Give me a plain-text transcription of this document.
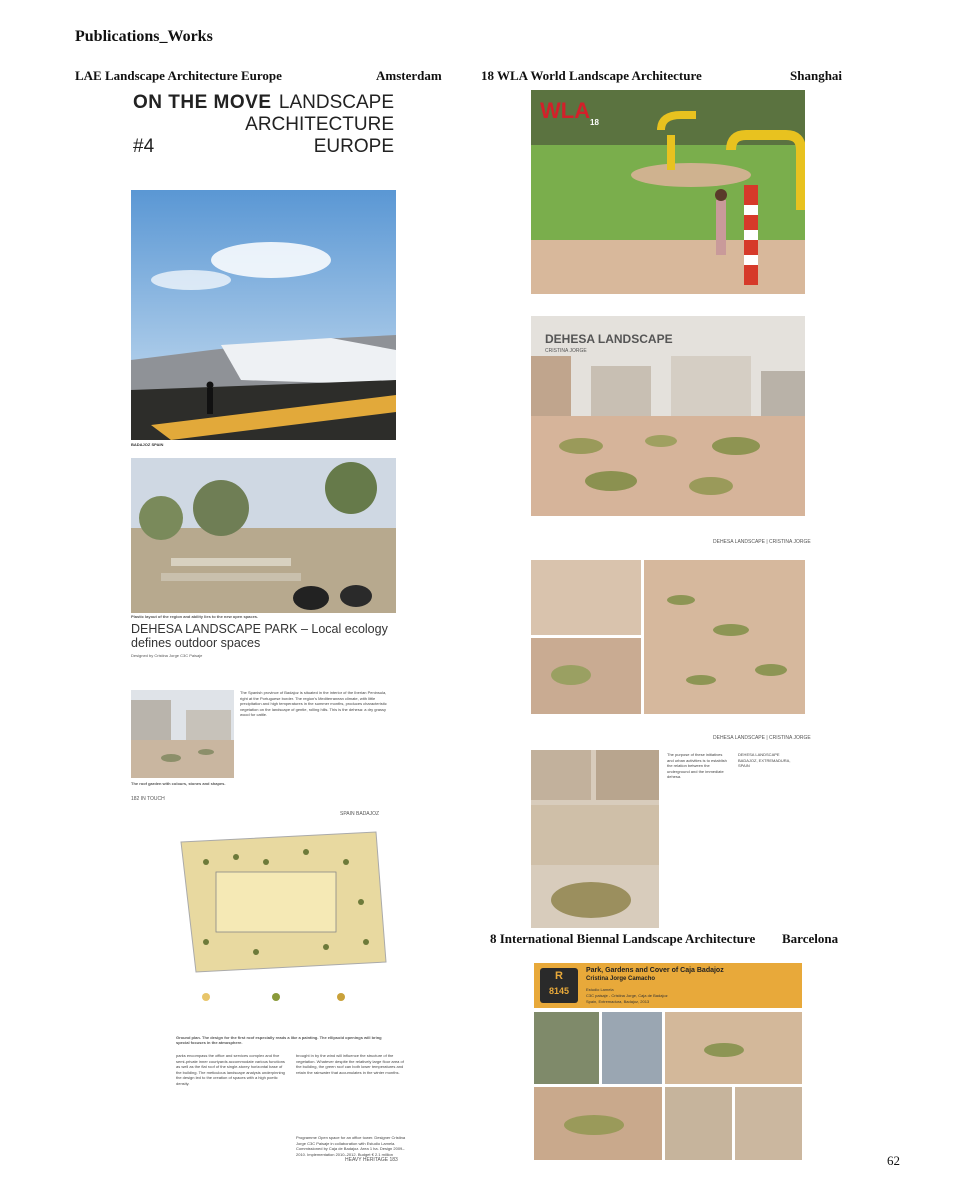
Publications_Works
LAE Landscape Architecture Europe	Amsterdam	18 WLA World Landscape Architecture	Shanghai
ON THE MOVE
#4
LANDSCAPE
ARCHITECTURE
EUROPE
BADAJOZ SPAIN
Plastic layout of the region and ability lies to the new open spaces.
DEHESA LANDSCAPE PARK – Local ecology
defines outdoor spaces
Designed by Cristina Jorge C3C Paisaje
The Spanish province of Badajoz is situated in the interior of the Iberian Peninsula, right at the Portuguese border. The region's Mediterranean climate, with little precipitation and high temperatures in the summer months, produces characteristic vegetation on the landscape of gentle, rolling hills. This is the dehesa: a dry grassy wood for cattle.
The roof garden with colours, stones and shapes.
182 IN TOUCH
SPAIN BADAJOZ
Ground plan. The design for the first roof especially reads a like a painting. The ellipsoid openings will bring special focuses in the atmosphere.
parks encompass the office and services complex and five semi-private inner courtyards accommodate various functions as well as the flat roof of the single-storey horizontal base of the building. The meticulous landscape analysis underpinning the design led to the creation of spaces with a high poetic density.
brought in by the wind will influence the structure of the vegetation. Whatever despite the relatively large floor area of the building, the green roof can both lower temperatures and retain the rainwater that accumulates in the winter months.
Programme Open space for an office tower. Designer Cristina Jorge C3C Paisaje in collaboration with Estudio Lamela. Commissioned by Caja de Badajoz. Area 1 ha. Design 2009–2010. Implementation 2010–2012. Budget € 2.1 million
HEAVY HERITAGE 183
WLA 18
DEHESA LANDSCAPE
CRISTINA JORGE
DEHESA LANDSCAPE | CRISTINA JORGE
DEHESA LANDSCAPE | CRISTINA JORGE
The purpose of these initiatives and urban activities is to establish the relation between the underground and the immediate dehesa.
DEHESA LANDSCAPE BADAJOZ, EXTREMADURA, SPAIN
8 International Biennal Landscape Architecture Barcelona
R
8145
Park, Gardens and Cover of Caja Badajoz
Cristina Jorge Camacho
Estudio Lamela
C3C paisaje - Cristina Jorge, Caja de Badajoz
Spain, Extremadura, Badajoz, 2013
62
